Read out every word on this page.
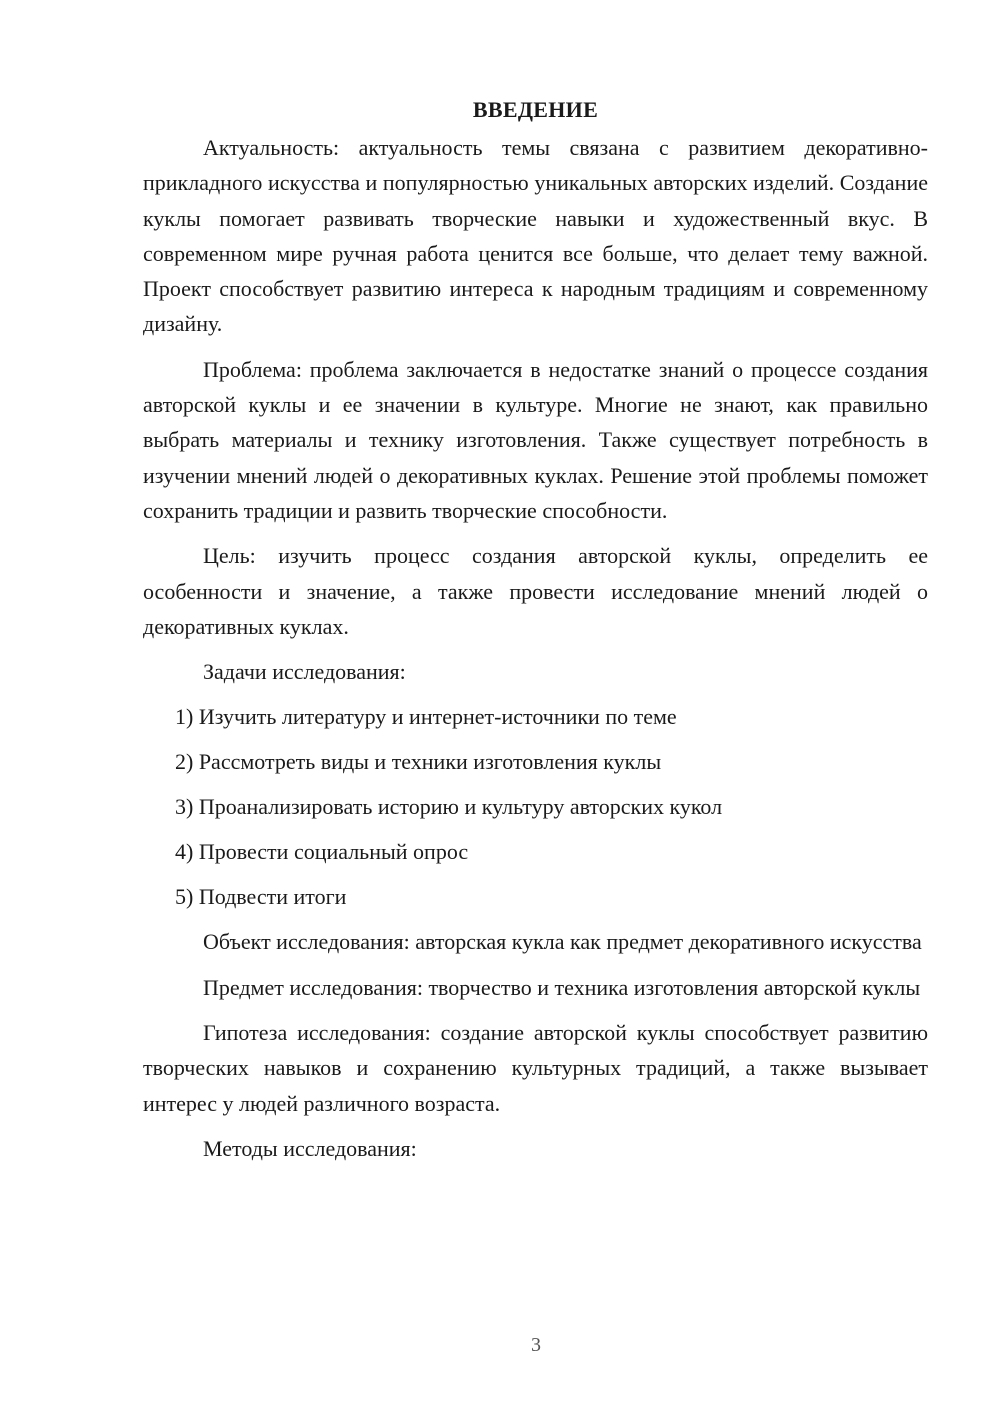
ВВЕДЕНИЕ

Актуальность: актуальность темы связана с развитием декоративно-прикладного искусства и популярностью уникальных авторских изделий. Создание куклы помогает развивать творческие навыки и художественный вкус. В современном мире ручная работа ценится все больше, что делает тему важной. Проект способствует развитию интереса к народным традициям и современному дизайну.

Проблема: проблема заключается в недостатке знаний о процессе создания авторской куклы и ее значении в культуре. Многие не знают, как правильно выбрать материалы и технику изготовления. Также существует потребность в изучении мнений людей о декоративных куклах. Решение этой проблемы поможет сохранить традиции и развить творческие способности.

Цель: изучить процесс создания авторской куклы, определить ее особенности и значение, а также провести исследование мнений людей о декоративных куклах.

Задачи исследования:

1) Изучить литературу и интернет-источники по теме
2) Рассмотреть виды и техники изготовления куклы
3) Проанализировать историю и культуру авторских кукол
4) Провести социальный опрос
5) Подвести итоги

Объект исследования: авторская кукла как предмет декоративного искусства

Предмет исследования: творчество и техника изготовления авторской куклы

Гипотеза исследования: создание авторской куклы способствует развитию творческих навыков и сохранению культурных традиций, а также вызывает интерес у людей различного возраста.

Методы исследования:

3
